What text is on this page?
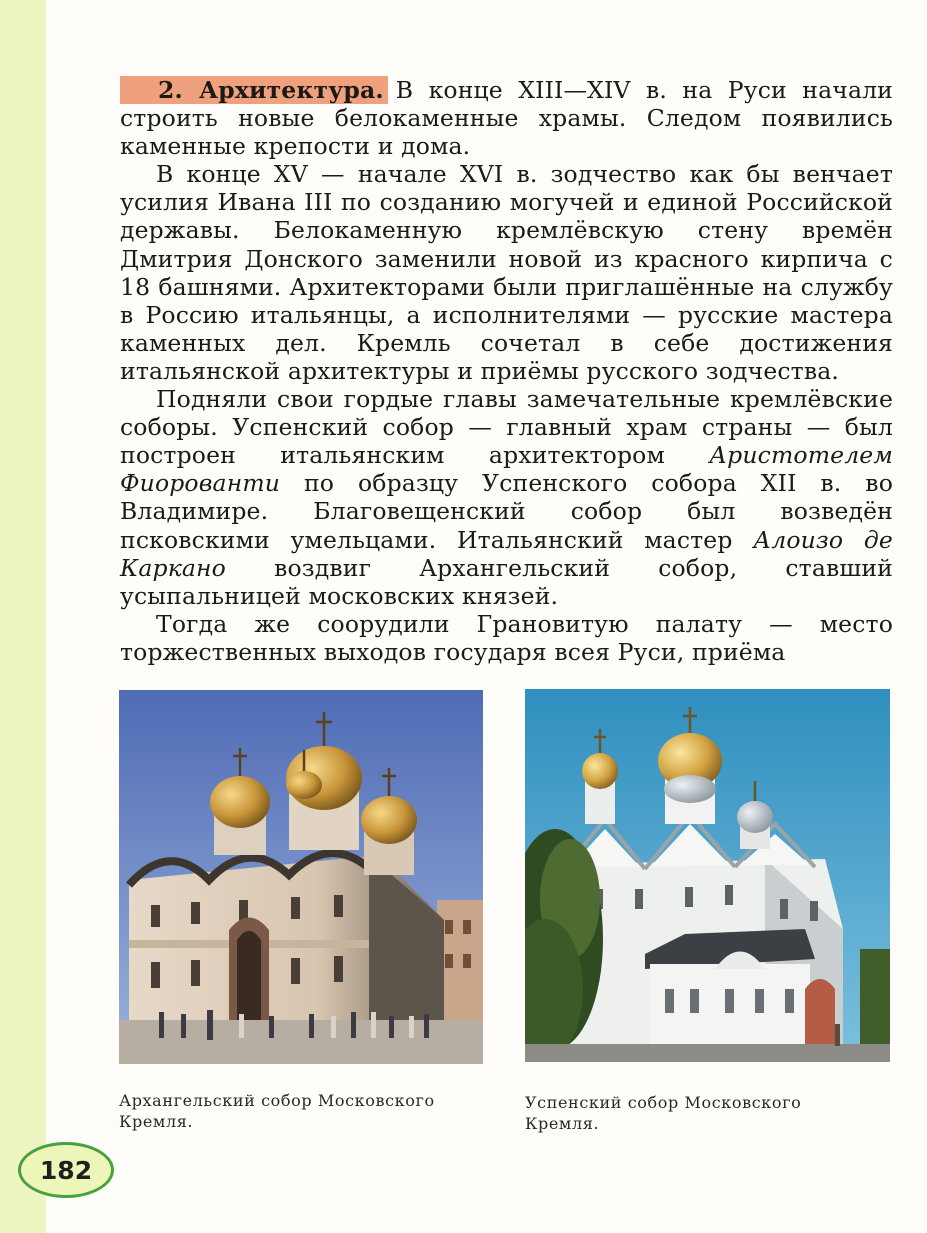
2. Архитектура. В конце XIII—XIV в. на Руси начали строить новые белокаменные храмы. Следом появились каменные крепости и дома.

В конце XV — начале XVI в. зодчество как бы венчает усилия Ивана III по созданию могучей и единой Российской державы. Белокаменную кремлёвскую стену времён Дмитрия Донского заменили новой из красного кирпича с 18 башнями. Архитекторами были приглашённые на службу в Россию итальянцы, а исполнителями — русские мастера каменных дел. Кремль сочетал в себе достижения итальянской архитектуры и приёмы русского зодчества.

Подняли свои гордые главы замечательные кремлёвские соборы. Успенский собор — главный храм страны — был построен итальянским архитектором Аристотелем Фиорованти по образцу Успенского собора XII в. во Владимире. Благовещенский собор был возведён псковскими умельцами. Итальянский мастер Алоизо де Каркано воздвиг Архангельский собор, ставший усыпальницей московских князей.

Тогда же соорудили Грановитую палату — место торжественных выходов государя всея Руси, приёма

Архангельский собор Московского Кремля.
Успенский собор Московского Кремля.
182
